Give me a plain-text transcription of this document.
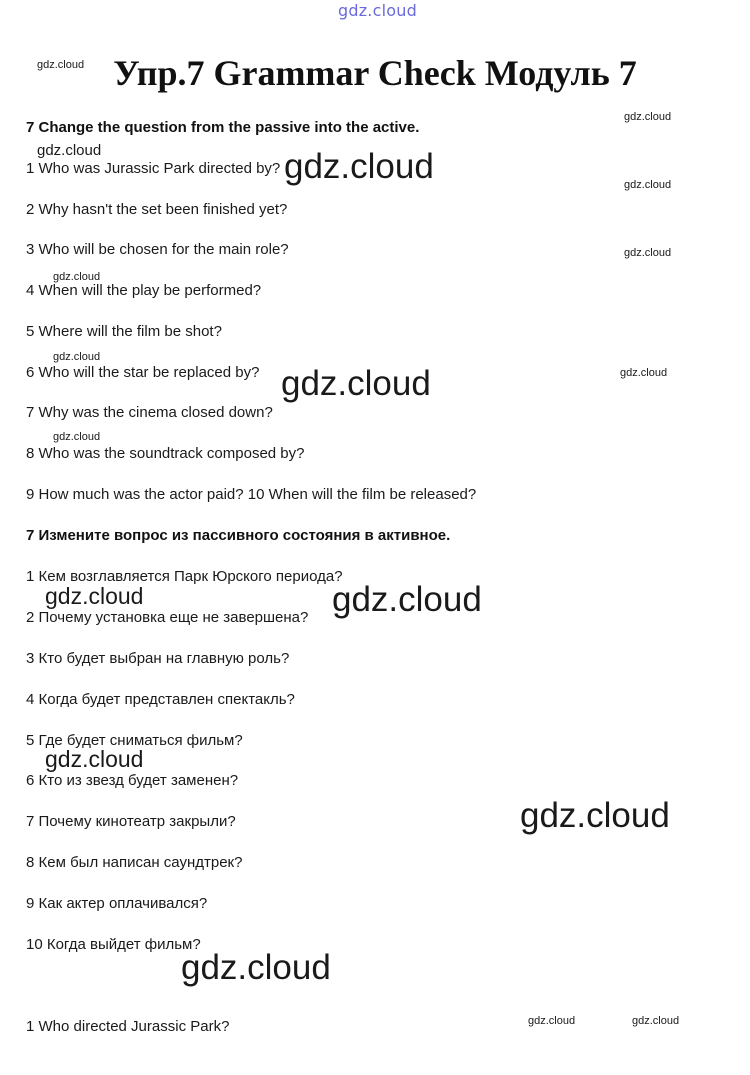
gdz.cloud
Упр.7 Grammar Check Модуль 7
7 Change the question from the passive into the active.
1 Who was Jurassic Park directed by?
2 Why hasn't the set been finished yet?
3 Who will be chosen for the main role?
4 When will the play be performed?
5 Where will the film be shot?
6 Who will the star be replaced by?
7 Why was the cinema closed down?
8 Who was the soundtrack composed by?
9 How much was the actor paid? 10 When will the film be released?
7 Измените вопрос из пассивного состояния в активное.
1 Кем возглавляется Парк Юрского периода?
2 Почему установка еще не завершена?
3 Кто будет выбран на главную роль?
4 Когда будет представлен спектакль?
5 Где будет сниматься фильм?
6 Кто из звезд будет заменен?
7 Почему кинотеатр закрыли?
8 Кем был написан саундтрек?
9 Как актер оплачивался?
10 Когда выйдет фильм?
1 Who directed Jurassic Park?
gdz.cloud
gdz.cloud
gdz.cloud	gdz.cloud	gdz.cloud
gdz.cloud
gdz.cloud
gdz.cloud
gdz.cloud	gdz.cloud
gdz.cloud
gdz.cloud	gdz.cloud
gdz.cloud
gdz.cloud
gdz.cloud
gdz.cloud	gdz.cloud
